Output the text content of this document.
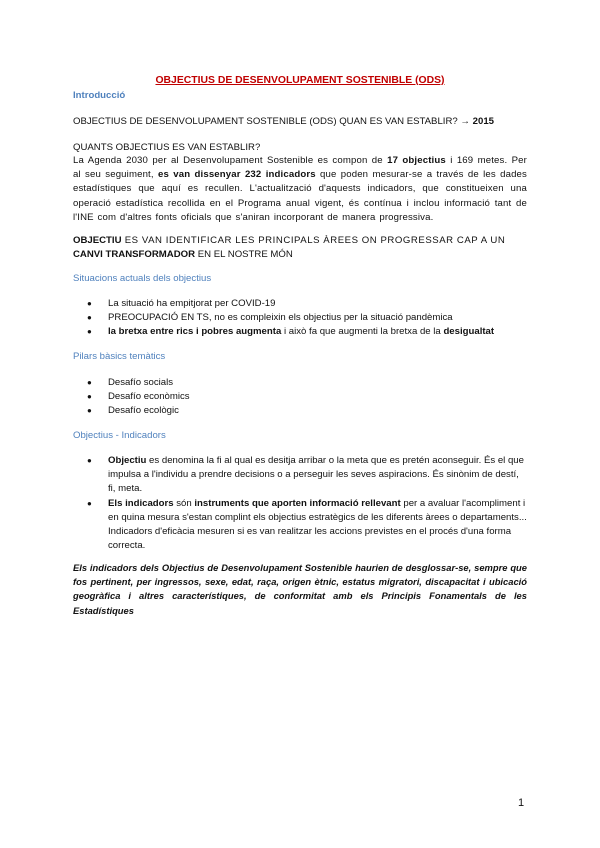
OBJECTIUS DE DESENVOLUPAMENT SOSTENIBLE (ODS)
Introducció
OBJECTIUS DE DESENVOLUPAMENT SOSTENIBLE (ODS) QUAN ES VAN ESTABLIR? → 2015
QUANTS OBJECTIUS ES VAN ESTABLIR?
La Agenda 2030 per al Desenvolupament Sostenible es compon de 17 objectius i 169 metes. Per al seu seguiment, es van dissenyar 232 indicadors que poden mesurar-se a través de les dades estadístiques que aquí es recullen. L'actualització d'aquests indicadors, que constitueixen una operació estadística recollida en el Programa anual vigent, és contínua i inclou informació tant de l'INE com d'altres fonts oficials que s'aniran incorporant de manera progressiva.
OBJECTIU ES VAN IDENTIFICAR LES PRINCIPALS ÀREES ON PROGRESSAR CAP A UN CANVI TRANSFORMADOR EN EL NOSTRE MÓN
Situacions actuals dels objectius
● La situació ha empitjorat per COVID-19
● PREOCUPACIÓ EN TS, no es compleixin els objectius per la situació pandèmica
● la bretxa entre rics i pobres augmenta i això fa que augmenti la bretxa de la desigualtat
Pilars bàsics temàtics
● Desafío socials
● Desafío econòmics
● Desafío ecològic
Objectius - Indicadors
● Objectiu es denomina la fi al qual es desitja arribar o la meta que es pretén aconseguir. És el que impulsa a l'individu a prendre decisions o a perseguir les seves aspiracions. És sinònim de destí, fi, meta.
● Els indicadors són instruments que aporten informació rellevant per a avaluar l'acompliment i en quina mesura s'estan complint els objectius estratègics de les diferents àrees o departaments... Indicadors d'eficàcia mesuren si es van realitzar les accions previstes en el procés d'una forma correcta.
Els indicadors dels Objectius de Desenvolupament Sostenible haurien de desglossar-se, sempre que fos pertinent, per ingressos, sexe, edat, raça, origen ètnic, estatus migratori, discapacitat i ubicació geogràfica i altres característiques, de conformitat amb els Principis Fonamentals de les Estadístiques
1
